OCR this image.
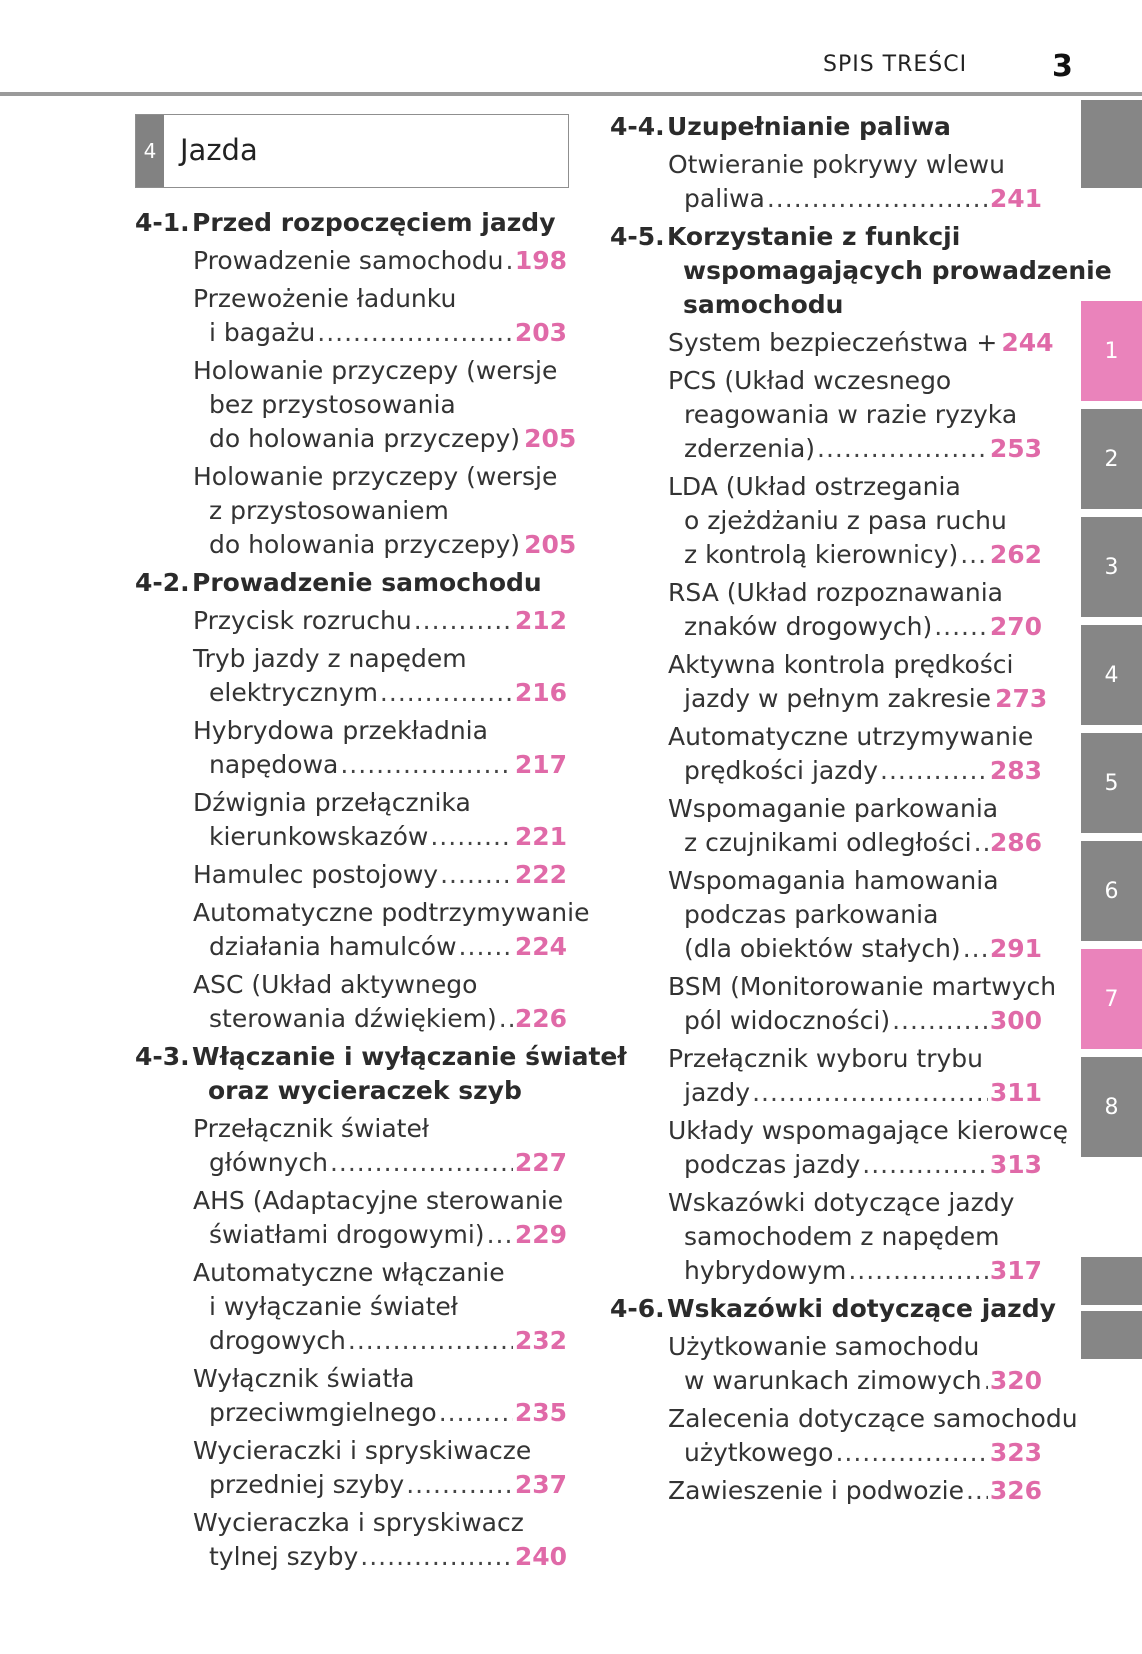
SPIS TREŚCI	3
4 Jazda
4-1.Przed rozpoczęciem jazdy
Prowadzenie samochodu ..... 198
Przewożenie ładunku
i bagażu .....	203
Holowanie przyczepy (wersje
bez przystosowania
do holowania przyczepy) 205
Holowanie przyczepy (wersje
z przystosowaniem
do holowania przyczepy) 205
4-2.Prowadzenie samochodu
Przycisk rozruchu .....	212
Tryb jazdy z napędem
elektrycznym .....	216
Hybrydowa przekładnia
napędowa .....	217
Dźwignia przełącznika
kierunkowskazów .....	221
Hamulec postojowy .....	222
Automatyczne podtrzymywanie
działania hamulców ..... 224
ASC (Układ aktywnego
sterowania dźwiękiem) ..... 226
4-3.Włączanie i wyłączanie świateł
oraz wycieraczek szyb
Przełącznik świateł
głównych .....	227
AHS (Adaptacyjne sterowanie
światłami drogowymi) ..... 229
Automatyczne włączanie
i wyłączanie świateł
drogowych .....	232
Wyłącznik światła
przeciwmgielnego .....	235
Wycieraczki i spryskiwacze
przedniej szyby .....	237
Wycieraczka i spryskiwacz
tylnej szyby .....	240
4-4.Uzupełnianie paliwa
Otwieranie pokrywy wlewu
paliwa .....	241
4-5.Korzystanie z funkcji
wspomagających prowadzenie
samochodu
System bezpieczeństwa + 244
PCS (Układ wczesnego
reagowania w razie ryzyka
zderzenia) .....	253
LDA (Układ ostrzegania
o zjeżdżaniu z pasa ruchu
z kontrolą kierownicy) ..... 262
RSA (Układ rozpoznawania
znaków drogowych) ..... 270
Aktywna kontrola prędkości
jazdy w pełnym zakresie 273
Automatyczne utrzymywanie
prędkości jazdy .....	283
Wspomaganie parkowania
z czujnikami odległości ..... 286
Wspomagania hamowania
podczas parkowania
(dla obiektów stałych) ..... 291
BSM (Monitorowanie martwych
pól widoczności) .....	300
Przełącznik wyboru trybu
jazdy .....	311
Układy wspomagające kierowcę
podczas jazdy .....	313
Wskazówki dotyczące jazdy
samochodem z napędem
hybrydowym .....	317
4-6.Wskazówki dotyczące jazdy
Użytkowanie samochodu
w warunkach zimowych ..... 320
Zalecenia dotyczące samochodu
użytkowego .....	323
Zawieszenie i podwozie ..... 326
1
2
3
4
5
6
7
8
